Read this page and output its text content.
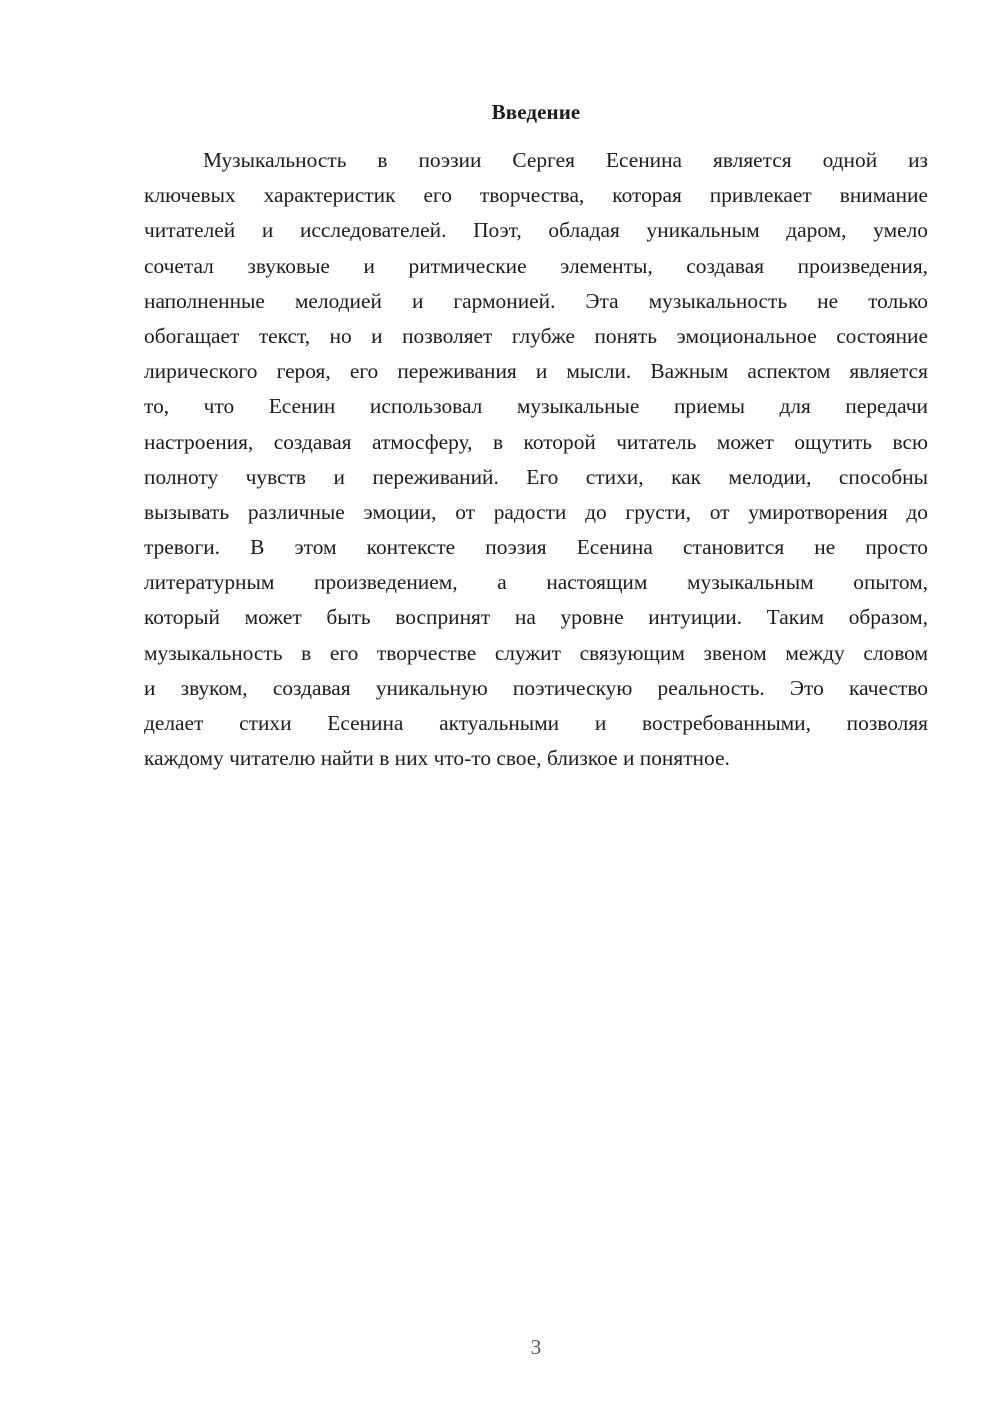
Введение
Музыкальность в поэзии Сергея Есенина является одной из
ключевых характеристик его творчества, которая привлекает внимание
читателей и исследователей. Поэт, обладая уникальным даром, умело
сочетал звуковые и ритмические элементы, создавая произведения,
наполненные мелодией и гармонией. Эта музыкальность не только
обогащает текст, но и позволяет глубже понять эмоциональное состояние
лирического героя, его переживания и мысли. Важным аспектом является
то, что Есенин использовал музыкальные приемы для передачи
настроения, создавая атмосферу, в которой читатель может ощутить всю
полноту чувств и переживаний. Его стихи, как мелодии, способны
вызывать различные эмоции, от радости до грусти, от умиротворения до
тревоги. В этом контексте поэзия Есенина становится не просто
литературным произведением, а настоящим музыкальным опытом,
который может быть воспринят на уровне интуиции. Таким образом,
музыкальность в его творчестве служит связующим звеном между словом
и звуком, создавая уникальную поэтическую реальность. Это качество
делает стихи Есенина актуальными и востребованными, позволяя
каждому читателю найти в них что-то свое, близкое и понятное.
3
